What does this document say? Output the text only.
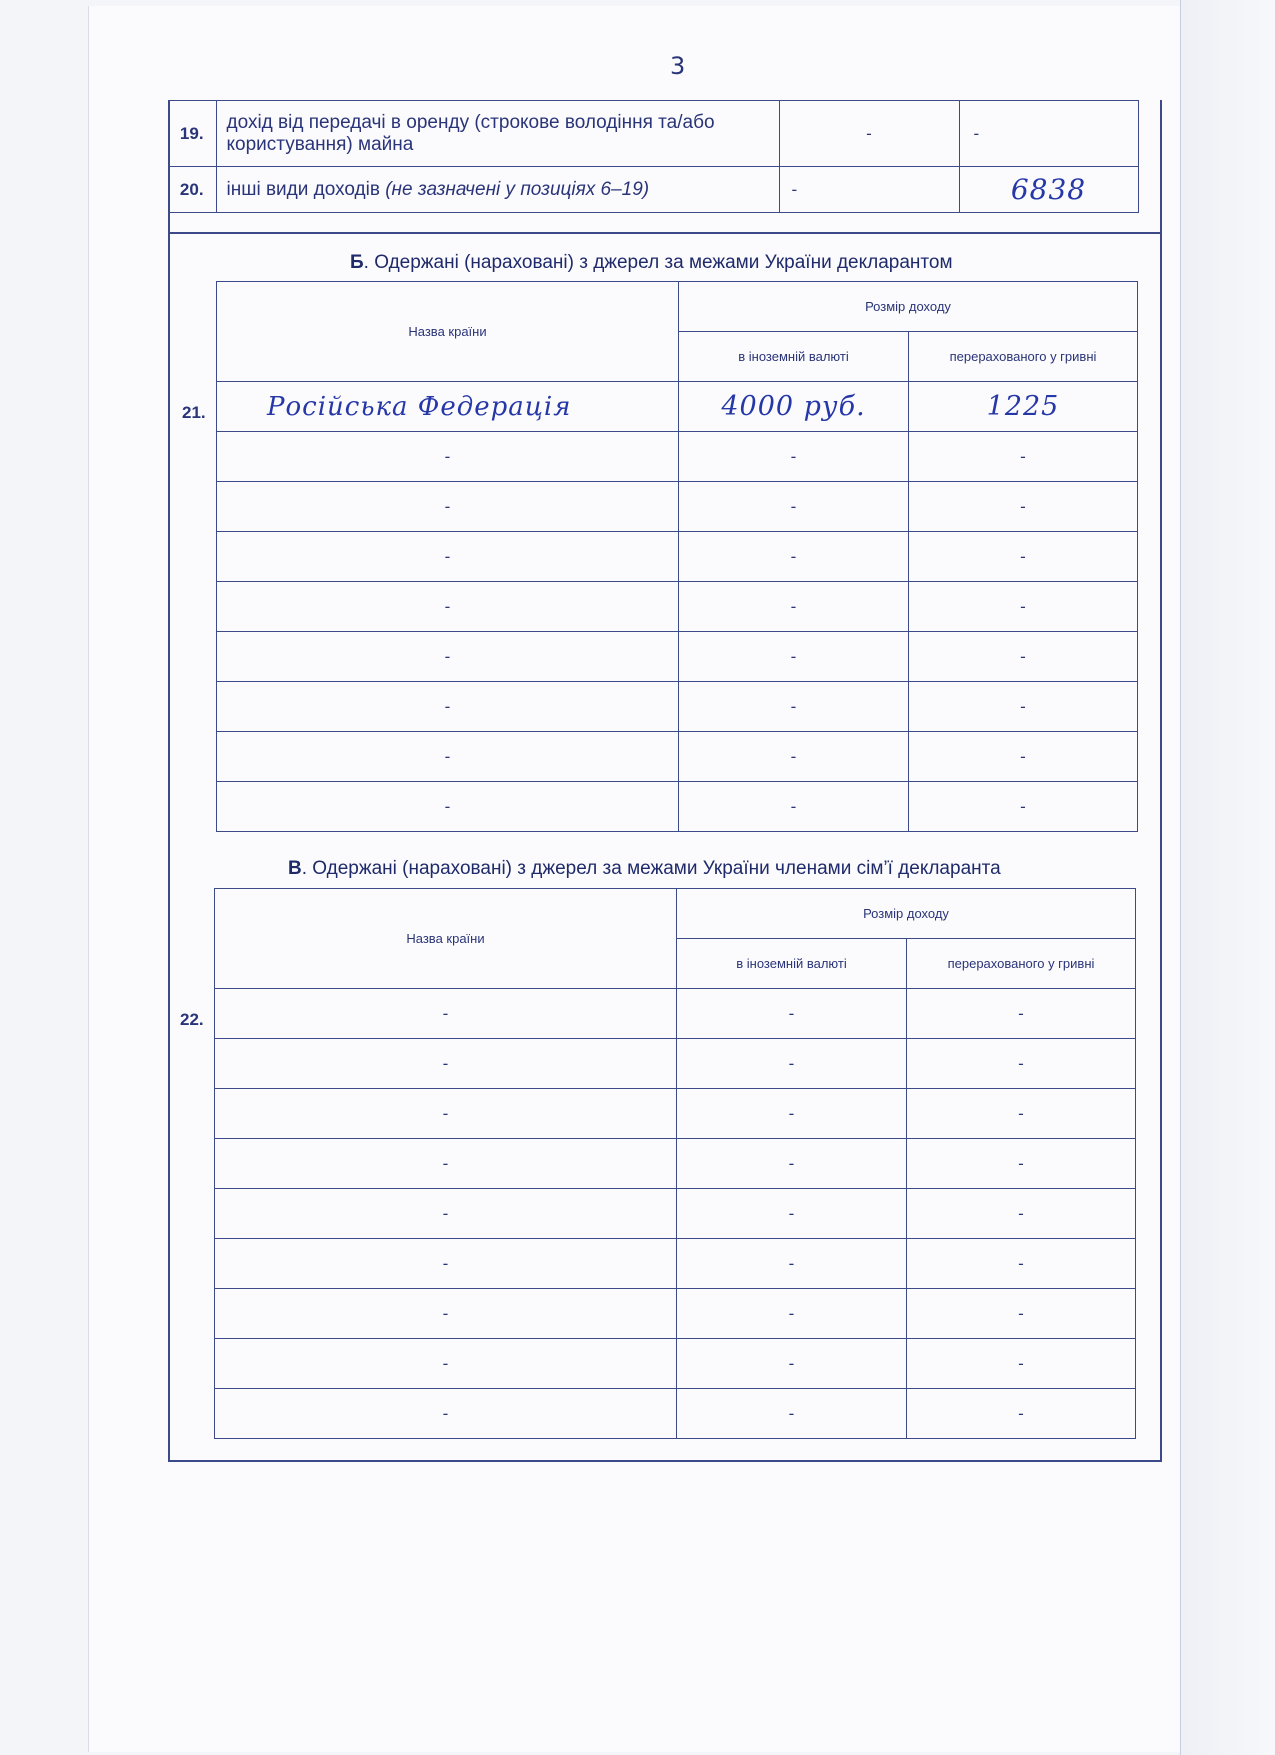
3
19.	дохід від передачі в оренду (строкове володіння та/або користування) майна	-	-
20.	інші види доходів (не зазначені у позиціях 6–19)	-	6838
Б. Одержані (нараховані) з джерел за межами України декларантом
21.
Назва країни	Розмір доходу	
	в іноземній валюті	перерахованого у гривні
Російська Федерація	4000 руб.	1225
-	-	-
-	-	-
-	-	-
-	-	-
-	-	-
-	-	-
-	-	-
-	-	-
В. Одержані (нараховані) з джерел за межами України членами сім’ї декларанта
22.
Назва країни	Розмір доходу	
	в іноземній валюті	перерахованого у гривні
-	-	-
-	-	-
-	-	-
-	-	-
-	-	-
-	-	-
-	-	-
-	-	-
-	-	-
